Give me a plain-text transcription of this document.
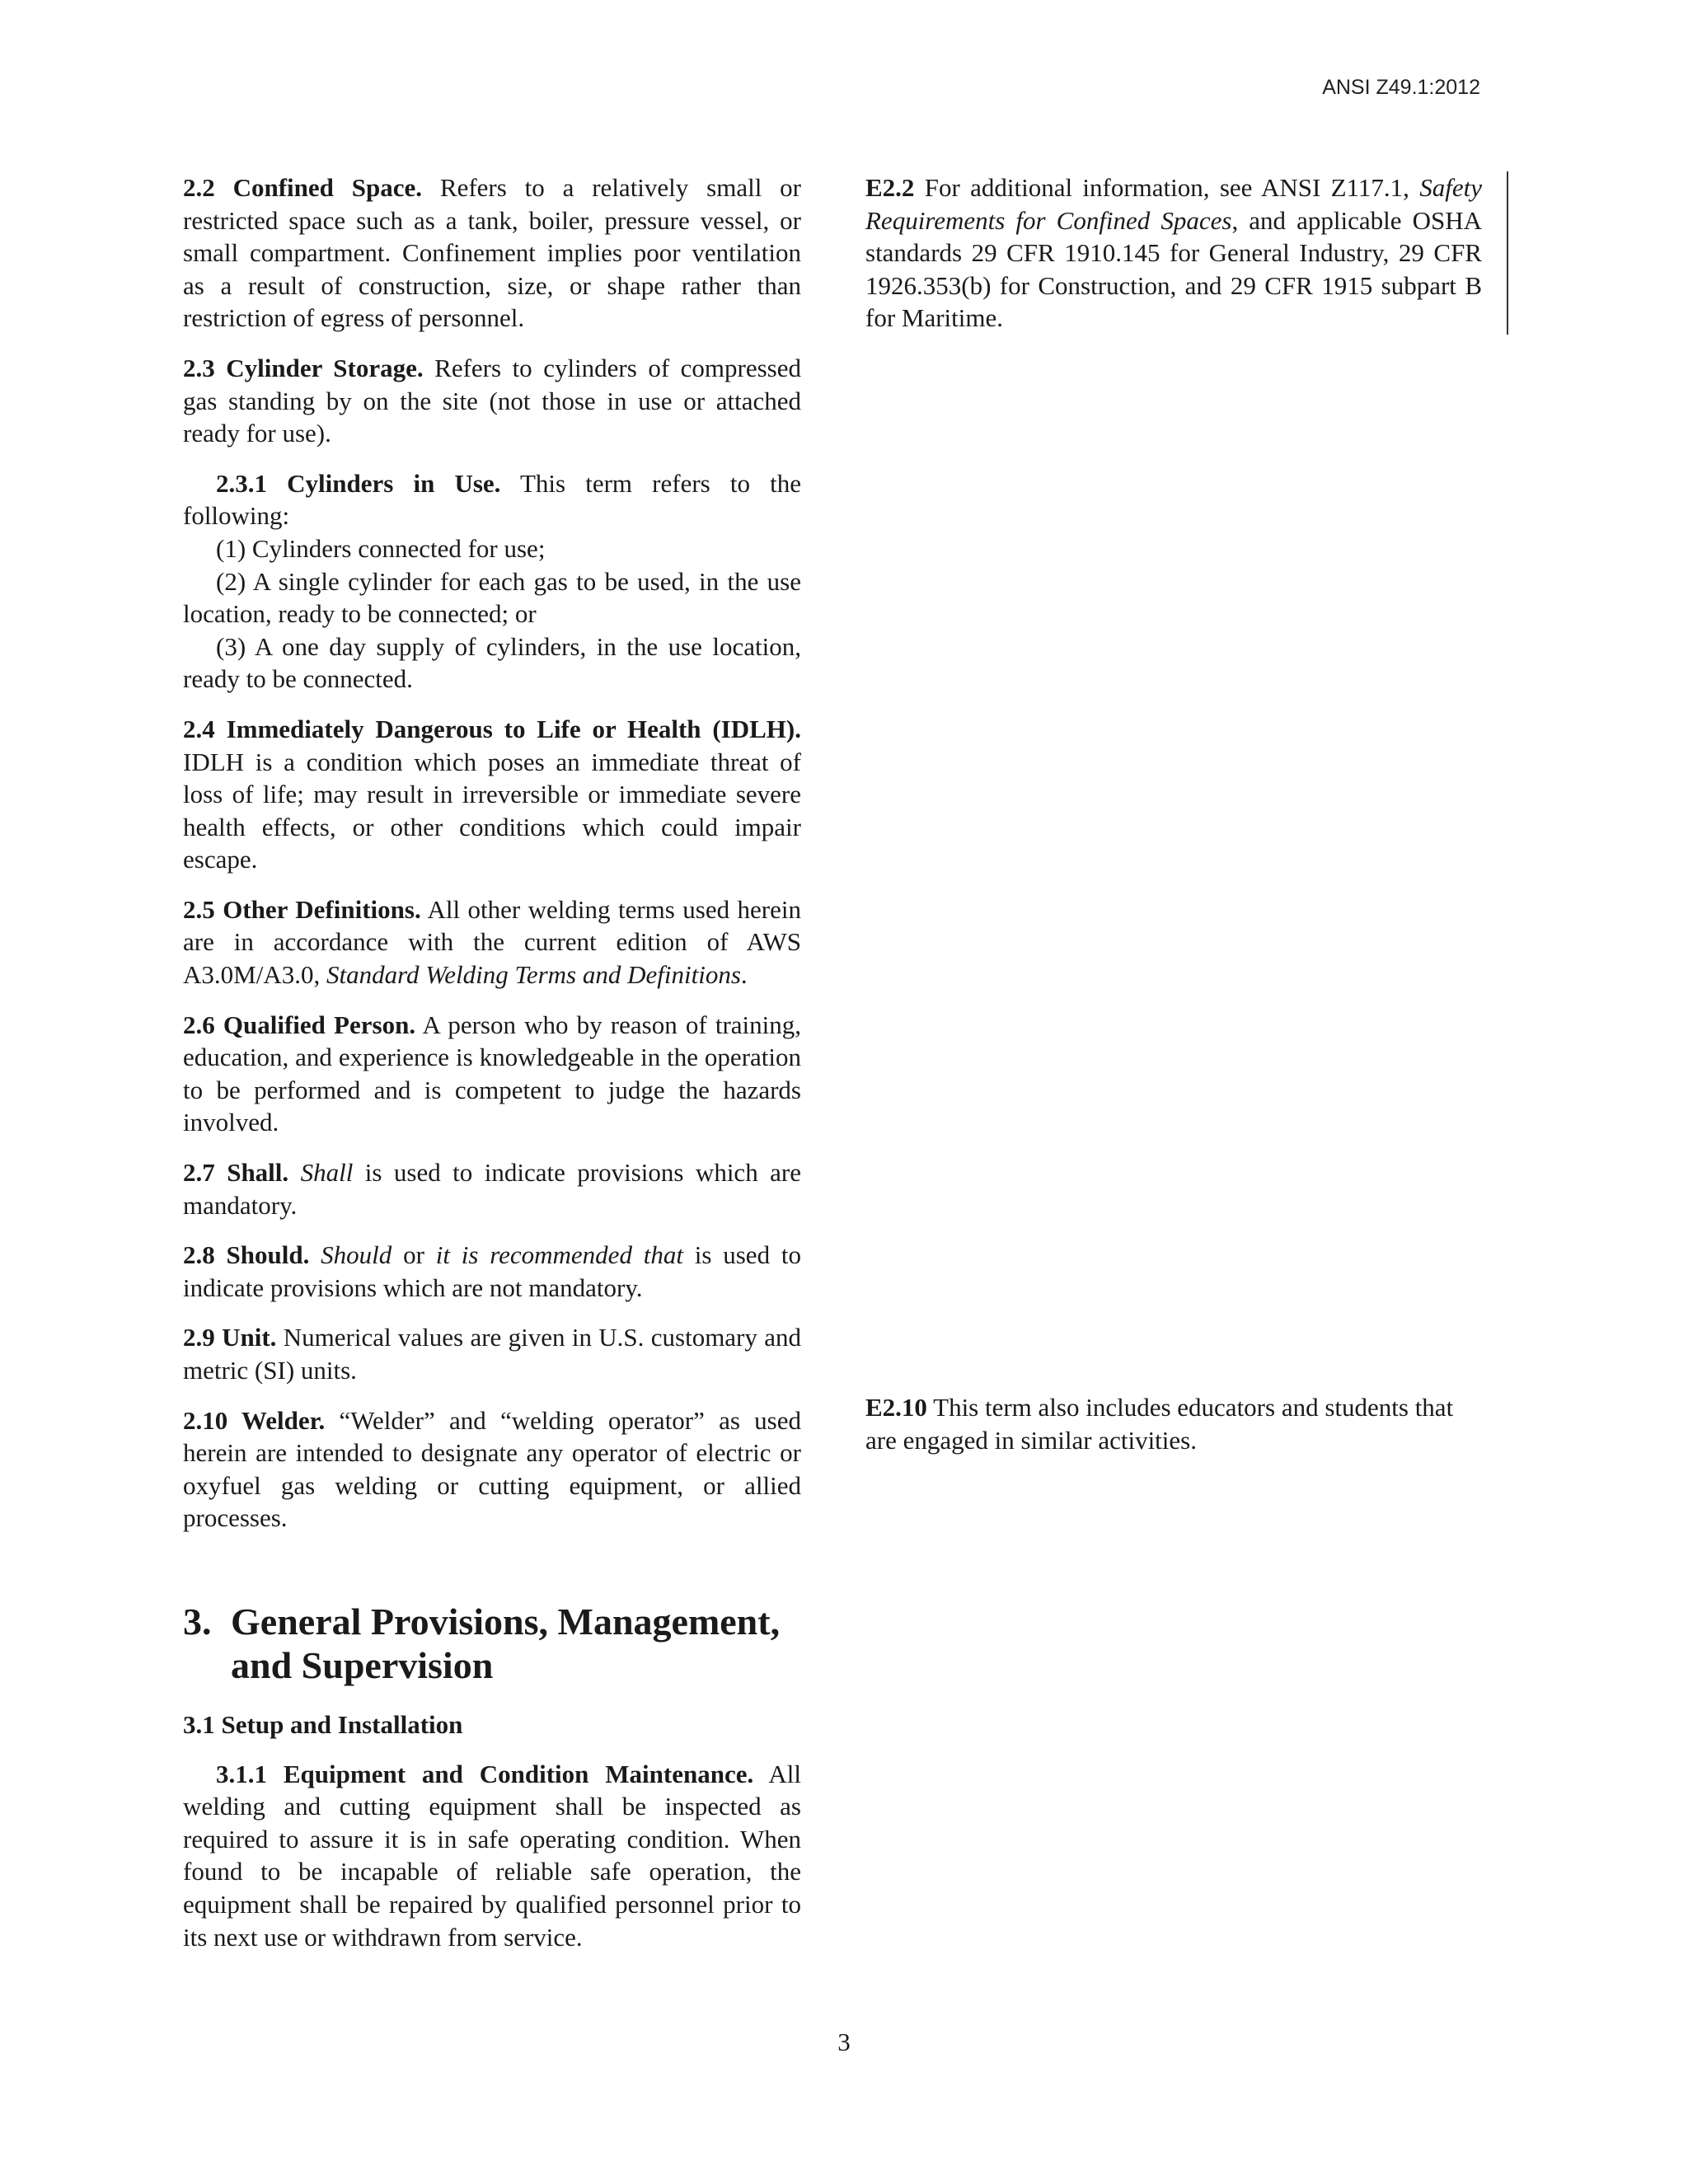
ANSI Z49.1:2012

2.2 Confined Space. Refers to a relatively small or restricted space such as a tank, boiler, pressure vessel, or small compartment. Confinement implies poor ventilation as a result of construction, size, or shape rather than restriction of egress of personnel.

2.3 Cylinder Storage. Refers to cylinders of compressed gas standing by on the site (not those in use or attached ready for use).

2.3.1 Cylinders in Use. This term refers to the following:

(1) Cylinders connected for use;

(2) A single cylinder for each gas to be used, in the use location, ready to be connected; or

(3) A one day supply of cylinders, in the use location, ready to be connected.

2.4 Immediately Dangerous to Life or Health (IDLH). IDLH is a condition which poses an immediate threat of loss of life; may result in irreversible or immediate severe health effects, or other conditions which could impair escape.

2.5 Other Definitions. All other welding terms used herein are in accordance with the current edition of AWS A3.0M/A3.0, Standard Welding Terms and Definitions.

2.6 Qualified Person. A person who by reason of training, education, and experience is knowledgeable in the operation to be performed and is competent to judge the hazards involved.

2.7 Shall. Shall is used to indicate provisions which are mandatory.

2.8 Should. Should or it is recommended that is used to indicate provisions which are not mandatory.

2.9 Unit. Numerical values are given in U.S. customary and metric (SI) units.

2.10 Welder. “Welder” and “welding operator” as used herein are intended to designate any operator of electric or oxyfuel gas welding or cutting equipment, or allied processes.

3. General Provisions, Management, and Supervision
3.1 Setup and Installation

3.1.1 Equipment and Condition Maintenance. All welding and cutting equipment shall be inspected as required to assure it is in safe operating condition. When found to be incapable of reliable safe operation, the equipment shall be repaired by qualified personnel prior to its next use or withdrawn from service.

E2.2 For additional information, see ANSI Z117.1, Safety Requirements for Confined Spaces, and applicable OSHA standards 29 CFR 1910.145 for General Industry, 29 CFR 1926.353(b) for Construction, and 29 CFR 1915 subpart B for Maritime.

E2.10 This term also includes educators and students that are engaged in similar activities.

3
